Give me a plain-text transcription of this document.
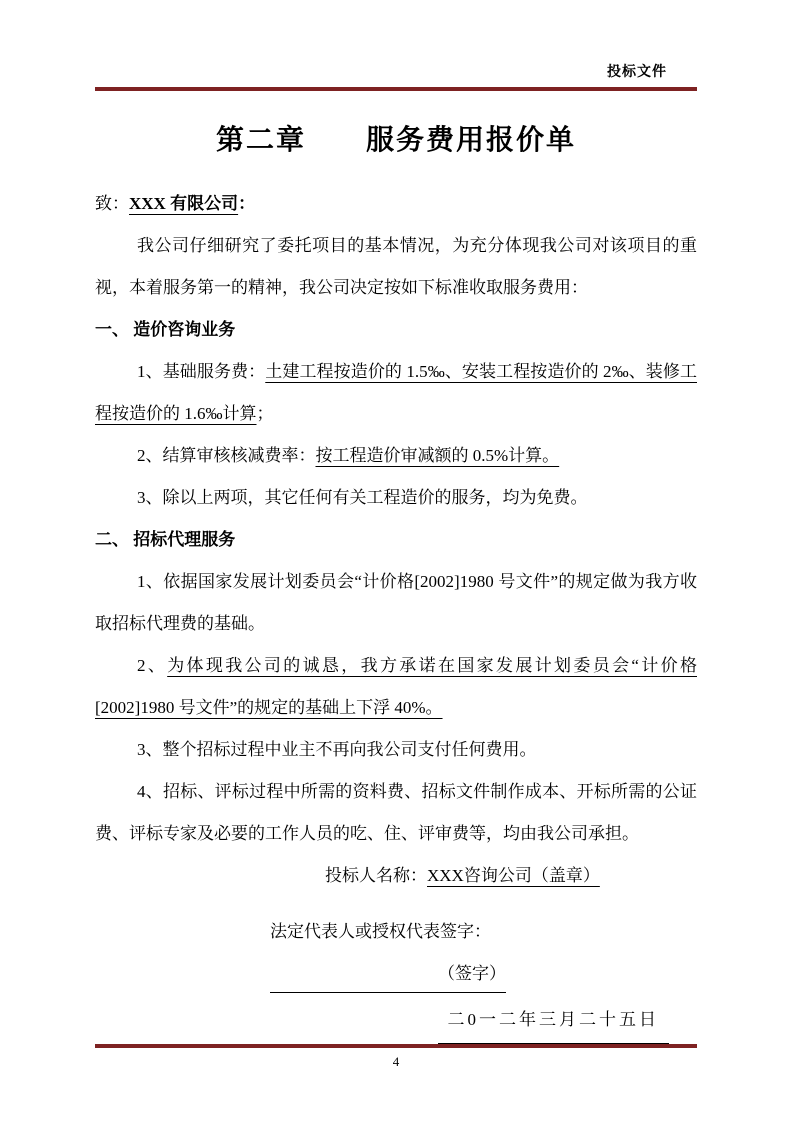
投标文件
第二章　　服务费用报价单

致：XXX 有限公司：

我公司仔细研究了委托项目的基本情况，为充分体现我公司对该项目的重视，本着服务第一的精神，我公司决定按如下标准收取服务费用：

一、 造价咨询业务

1、基础服务费：土建工程按造价的 1.5‰、安装工程按造价的 2‰、装修工程按造价的 1.6‰计算；

2、结算审核核减费率：按工程造价审减额的 0.5%计算。

3、除以上两项，其它任何有关工程造价的服务，均为免费。

二、 招标代理服务

1、依据国家发展计划委员会“计价格[2002]1980 号文件”的规定做为我方收取招标代理费的基础。

2、为体现我公司的诚恳，我方承诺在国家发展计划委员会“计价格[2002]1980 号文件”的规定的基础上下浮 40%。

3、整个招标过程中业主不再向我公司支付任何费用。

4、招标、评标过程中所需的资料费、招标文件制作成本、开标所需的公证费、评标专家及必要的工作人员的吃、住、评审费等，均由我公司承担。

投标人名称：XXX咨询公司（盖章）

法定代表人或授权代表签字：（签字）

二0一二年三月二十五日

4
